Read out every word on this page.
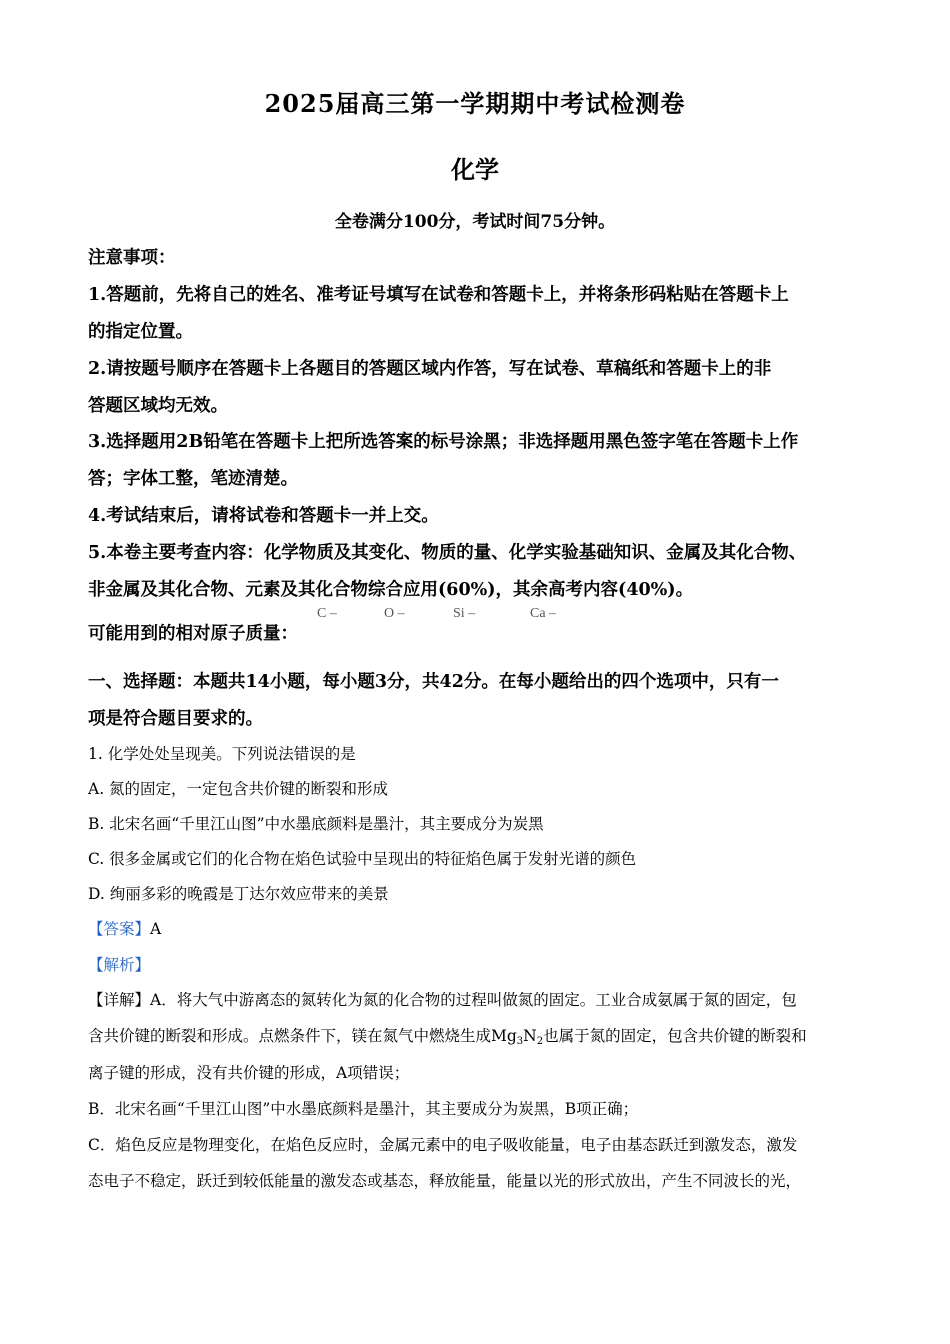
2025届高三第一学期期中考试检测卷
化学
全卷满分100分，考试时间75分钟。
注意事项：
1.答题前，先将自己的姓名、准考证号填写在试卷和答题卡上，并将条形码粘贴在答题卡上
的指定位置。
2.请按题号顺序在答题卡上各题目的答题区域内作答，写在试卷、草稿纸和答题卡上的非
答题区域均无效。
3.选择题用2B铅笔在答题卡上把所选答案的标号涂黑；非选择题用黑色签字笔在答题卡上作
答；字体工整，笔迹清楚。
4.考试结束后，请将试卷和答题卡一并上交。
5.本卷主要考查内容：化学物质及其变化、物质的量、化学实验基础知识、金属及其化合物、
非金属及其化合物、元素及其化合物综合应用(60%)，其余高考内容(40%)。
可能用到的相对原子质量：
C –	O –	Si –	Ca –
一、选择题：本题共14小题，每小题3分，共42分。在每小题给出的四个选项中，只有一
项是符合题目要求的。
1. 化学处处呈现美。下列说法错误的是
A. 氮的固定，一定包含共价键的断裂和形成
B. 北宋名画“千里江山图”中水墨底颜料是墨汁，其主要成分为炭黑
C. 很多金属或它们的化合物在焰色试验中呈现出的特征焰色属于发射光谱的颜色
D. 绚丽多彩的晚霞是丁达尔效应带来的美景
【答案】A
【解析】
【详解】A．将大气中游离态的氮转化为氮的化合物的过程叫做氮的固定。工业合成氨属于氮的固定，包
含共价键的断裂和形成。点燃条件下，镁在氮气中燃烧生成$Mg_3N_2$也属于氮的固定，包含共价键的断裂和
离子键的形成，没有共价键的形成，A项错误；
B．北宋名画“千里江山图”中水墨底颜料是墨汁，其主要成分为炭黑，B项正确；
C．焰色反应是物理变化，在焰色反应时，金属元素中的电子吸收能量，电子由基态跃迁到激发态，激发
态电子不稳定，跃迁到较低能量的激发态或基态，释放能量，能量以光的形式放出，产生不同波长的光，
